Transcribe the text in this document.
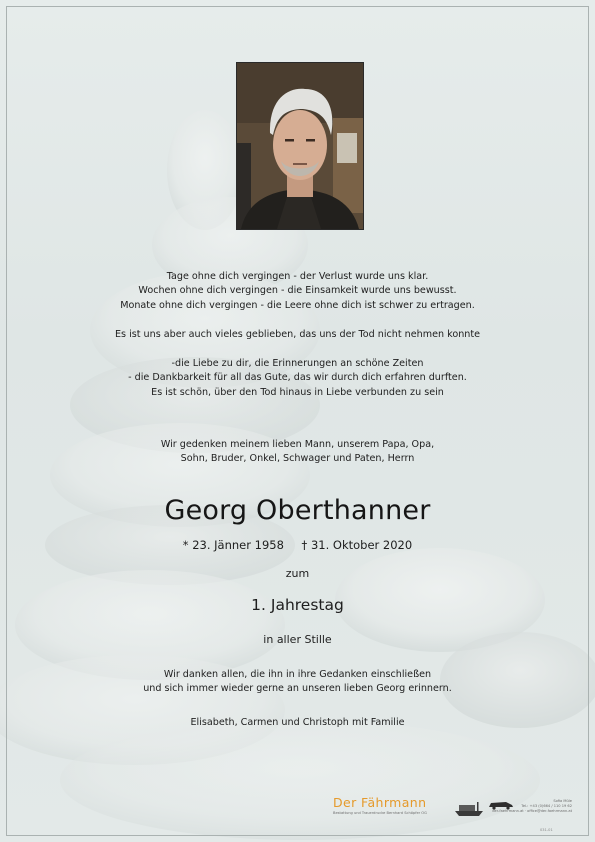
Tage ohne dich vergingen - der Verlust wurde uns klar.
Wochen ohne dich vergingen - die Einsamkeit wurde uns bewusst.
Monate ohne dich vergingen - die Leere ohne dich ist schwer zu ertragen.
Es ist uns aber auch vieles geblieben, das uns der Tod nicht nehmen konnte
-die Liebe zu dir, die Erinnerungen an schöne Zeiten
- die Dankbarkeit für all das Gute, das wir durch dich erfahren durften.
Es ist schön, über den Tod hinaus in Liebe verbunden zu sein
Wir gedenken meinem lieben Mann, unserem Papa, Opa,
Sohn, Bruder, Onkel, Schwager und Paten, Herrn
Georg Oberthanner
* 23. Jänner 1958 † 31. Oktober 2020
zum
1. Jahrestag
in aller Stille
Wir danken allen, die ihn in ihre Gedanken einschließen
und sich immer wieder gerne an unseren lieben Georg erinnern.
Elisabeth, Carmen und Christoph mit Familie
Der Fährmann
Bestattung und Trauerdrucke Bernhard Schöpfer OG
Sofia Müle
Tel.: +43 (0)664 / 110 19 62
der-faehrmann.at · office@der-faehrmann.at
031-01
